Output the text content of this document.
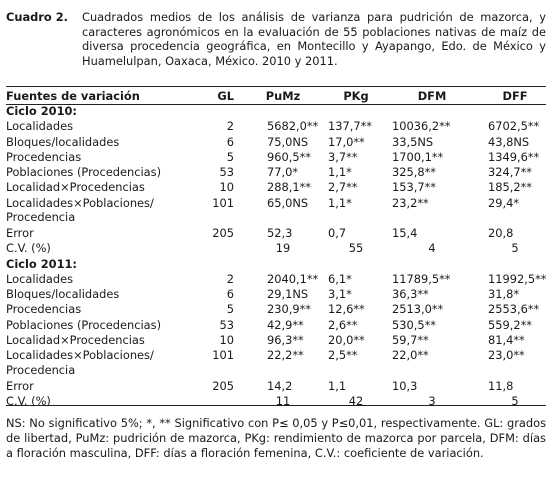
Cuadro 2. Cuadrados medios de los análisis de varianza para pudrición de mazorca, y caracteres agronómicos en la evaluación de 55 poblaciones nativas de maíz de diversa procedencia geográfica, en Montecillo y Ayapango, Edo. de México y Huamelulpan, Oaxaca, México. 2010 y 2011.
Fuentes de variación	GL	PuMz	PKg	DFM	DFF
Ciclo 2010:					
Localidades	2	5682,0**	137,7**	10036,2**	6702,5**
Bloques/localidades	6	75,0NS	17,0**	33,5NS	43,8NS
Procedencias	5	960,5**	3,7**	1700,1**	1349,6**
Poblaciones (Procedencias)	53	77,0*	1,1*	325,8**	324,7**
Localidad×Procedencias	10	288,1**	2,7**	153,7**	185,2**
Localidades×Poblaciones/ Procedencia	101	65,0NS	1,1*	23,2**	29,4*
Error	205	52,3	0,7	15,4	20,8
C.V. (%)		19	55	4	5
Ciclo 2011:					
Localidades	2	2040,1**	6,1*	11789,5**	11992,5**
Bloques/localidades	6	29,1NS	3,1*	36,3**	31,8*
Procedencias	5	230,9**	12,6**	2513,0**	2553,6**
Poblaciones (Procedencias)	53	42,9**	2,6**	530,5**	559,2**
Localidad×Procedencias	10	96,3**	20,0**	59,7**	81,4**
Localidades×Poblaciones/ Procedencia	101	22,2**	2,5**	22,0**	23,0**
Error	205	14,2	1,1	10,3	11,8
C.V. (%)		11	42	3	5
NS: No significativo 5%; *, ** Significativo con P≤ 0,05 y P≤0,01, respectivamente. GL: grados de libertad, PuMz: pudrición de mazorca, PKg: rendimiento de mazorca por parcela, DFM: días a floración masculina, DFF: días a floración femenina, C.V.: coeficiente de variación.
